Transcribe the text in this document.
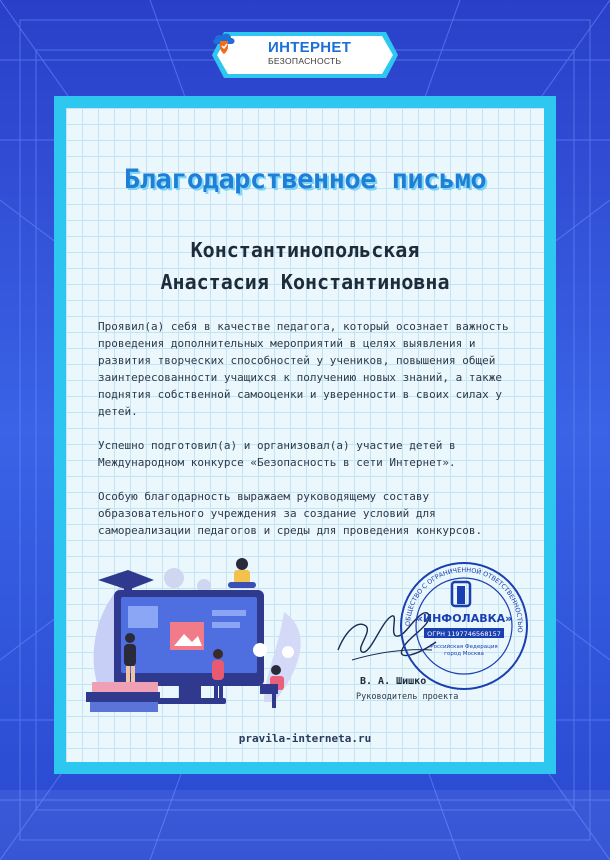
ИНТЕРНЕТ
БЕЗОПАСНОСТЬ
Благодарственное письмо
Константинопольская
Анастасия Константиновна

Проявил(а) себя в качестве педагога, который осознает важность проведения дополнительных мероприятий в целях выявления и развития творческих способностей у учеников, повышения общей заинтересованности учащихся к получению новых знаний, а также поднятия собственной самооценки и уверенности в своих силах у детей.

Успешно подготовил(а) и организовал(а) участие детей в Международном конкурсе «Безопасность в сети Интернет».

Особую благодарность выражаем руководящему составу образовательного учреждения за создание условий для самореализации педагогов и среды для проведения конкурсов.

ОБЩЕСТВО С ОГРАНИЧЕННОЙ ОТВЕТСТВЕННОСТЬЮ
«ИНФОЛАВКА»
ОГРН 1197746568157
Российская Федерация
город Москва
В. А. Шишко
Руководитель проекта
pravila-interneta.ru
